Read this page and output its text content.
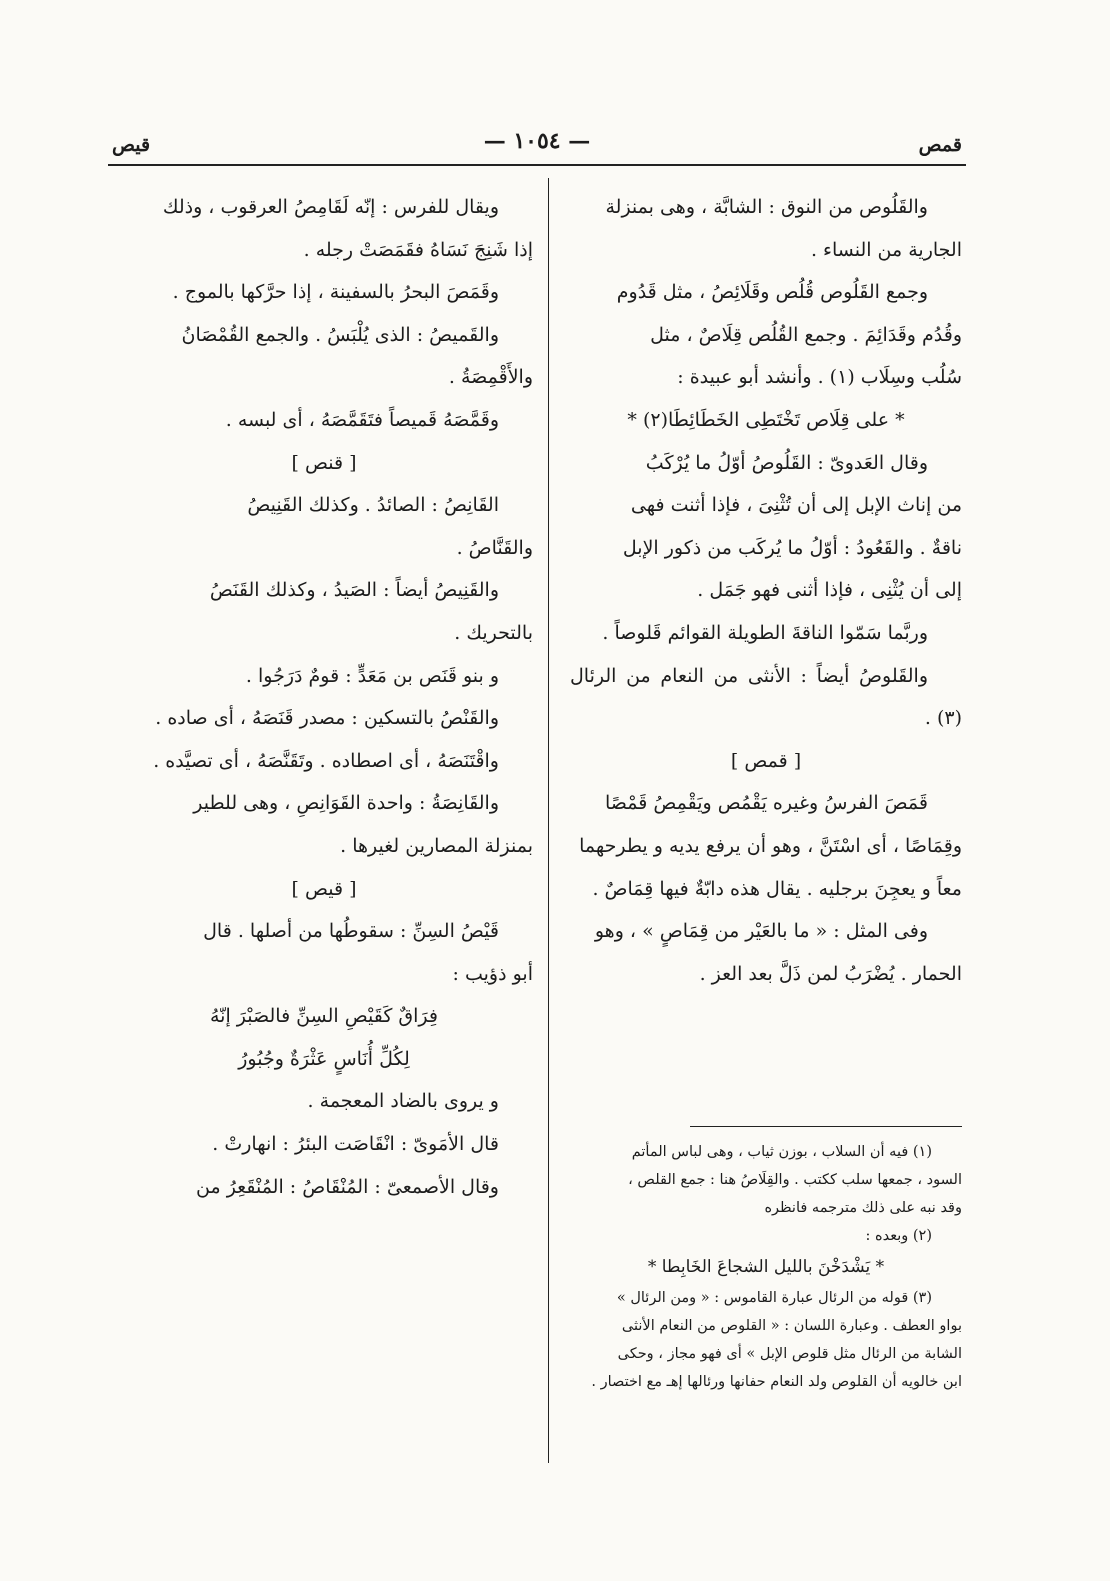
قمص
— ١٠٥٤ —
قيص

والقَلُوص من النوق : الشابَّة ، وهى بمنزلة

الجارية من النساء .

وجمع القَلُوص قُلُص وقَلَائِصُ ، مثل قَدُوم

وقُدُم وقَدَائِمَ . وجمع القُلُص قِلَاصٌ ، مثل

سُلُب وسِلَاب (١) . وأنشد أبو عبيدة :

* على قِلَاص تَخْتَطِى الخَطَائِطَا(٢) *

وقال العَدوىّ : القَلُوصُ أوّلُ ما يُرْكَبُ

من إناث الإبل إلى أن تُثْنِىَ ، فإذا أثنت فهى

ناقةٌ . والقَعُودُ : أوّلُ ما يُركَب من ذكور الإبل

إلى أن يُثْنِى ، فإذا أثنى فهو جَمَل .

وربَّما سَمّوا الناقةَ الطويلة القوائم قَلوصاً .

والقَلوصُ أيضاً : الأنثى من النعام من الرئال (٣) .

[ قمص ]

قَمَصَ الفرسُ وغيره يَقْمُص ويَقْمِصُ قَمْصًا

وقِمَاصًا ، أى اسْتَنَّ ، وهو أن يرفع يديه و يطرحهما

معاً و يعجِنَ برجليه . يقال هذه دابّةٌ فيها قِمَاصٌ .

وفى المثل : « ما بالعَيْر من قِمَاصٍ » ، وهو

الحمار . يُضْرَبُ لمن ذَلَّ بعد العز .

ويقال للفرس : إنّه لَقَامِصُ العرقوب ، وذلك

إذا شَنِجَ نَسَاهُ فقَمَصَتْ رجله .

وقَمَصَ البحرُ بالسفينة ، إذا حرَّكها بالموج .

والقَميصُ : الذى يُلْبَسُ . والجمع القُمْصَانُ

والأَقْمِصَةُ .

وقَمَّصَهُ قَميصاً فتَقَمَّصَهُ ، أى لبسه .

[ قنص ]

القَانِصُ : الصائدُ . وكذلك القَنِيصُ

والقَنَّاصُ .

والقَنِيصُ أيضاً : الصَيدُ ، وكذلك القَنَصُ

بالتحريك .

و بنو قَنَص بن مَعَدٍّ : قومٌ دَرَجُوا .

والقَنْصُ بالتسكين : مصدر قَنَصَهُ ، أى صاده .

واقْتَنَصَهُ ، أى اصطاده . وتَقَنَّصَهُ ، أى تصيَّده .

والقَانِصَةُ : واحدة القَوَانِصِ ، وهى للطير

بمنزلة المصارين لغيرها .

[ قيص ]

قَيْصُ السِنِّ : سقوطُها من أصلها . قال

أبو ذؤيب :

فِرَاقٌ كَقَيْصِ السِنِّ فالصَبْرَ إنّهُ

لِكُلِّ أُنَاسٍ عَثْرَةٌ وجُبُورُ

و يروى بالضاد المعجمة .

قال الأمَوىّ : انْقَاصَت البئرُ : انهارتْ .

وقال الأصمعىّ : المُنْقَاصُ : المُنْقَعِرُ من

(١) فيه أن السلاب ، بوزن ثياب ، وهى لباس المأتم

السود ، جمعها سلب ككتب . والقِلَاصُ هنا : جمع القلص ،

وقد نبه على ذلك مترجمه فانظره

(٢) وبعده :

* يَشْدَخْنَ بالليل الشجاعَ الخَابِطا *

(٣) قوله من الرئال عبارة القاموس : « ومن الرئال »

بواو العطف . وعبارة اللسان : « القلوص من النعام الأنثى

الشابة من الرئال مثل قلوص الإبل » أى فهو مجاز ، وحكى

ابن خالويه أن القلوص ولد النعام حفانها ورئالها إهـ مع اختصار .
